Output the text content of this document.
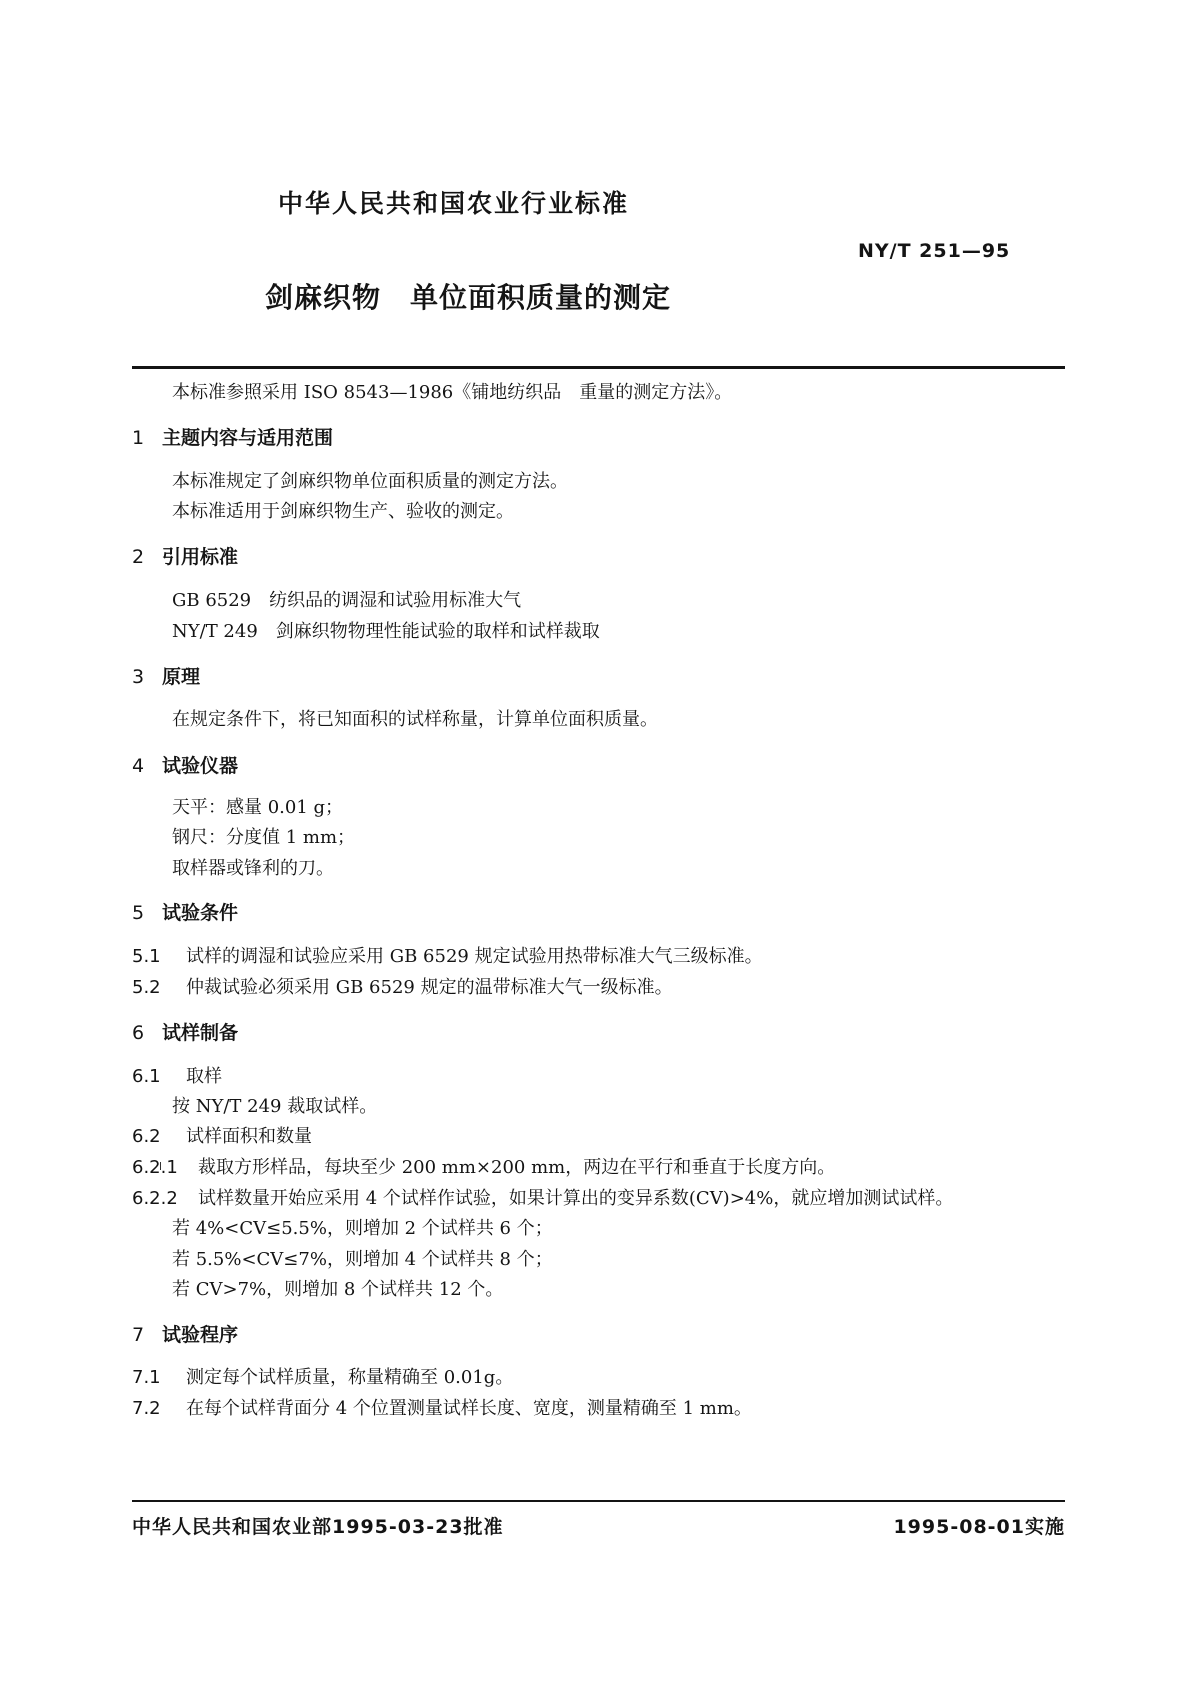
中华人民共和国农业行业标准
NY/T 251—95
剑麻织物　单位面积质量的测定
本标准参照采用 ISO 8543—1986《铺地纺织品　重量的测定方法》。
1 主题内容与适用范围
本标准规定了剑麻织物单位面积质量的测定方法。
本标准适用于剑麻织物生产、验收的测定。
2 引用标准
GB 6529　纺织品的调湿和试验用标准大气
NY/T 249　剑麻织物物理性能试验的取样和试样裁取
3 原理
在规定条件下，将已知面积的试样称量，计算单位面积质量。
4 试验仪器
天平：感量 0.01 g；
钢尺：分度值 1 mm；
取样器或锋利的刀。
5 试验条件
5.1 试样的调湿和试验应采用 GB 6529 规定试验用热带标准大气三级标准。
5.2 仲裁试验必须采用 GB 6529 规定的温带标准大气一级标准。
6 试样制备
6.1 取样
按 NY/T 249 裁取试样。
6.2 试样面积和数量
6.2.1 裁取方形样品，每块至少 200 mm×200 mm，两边在平行和垂直于长度方向。
6.2.2 试样数量开始应采用 4 个试样作试验，如果计算出的变异系数(CV)>4%，就应增加测试试样。
若 4%<CV≤5.5%，则增加 2 个试样共 6 个；
若 5.5%<CV≤7%，则增加 4 个试样共 8 个；
若 CV>7%，则增加 8 个试样共 12 个。
7 试验程序
7.1 测定每个试样质量，称量精确至 0.01g。
7.2 在每个试样背面分 4 个位置测量试样长度、宽度，测量精确至 1 mm。
中华人民共和国农业部1995-03-23批准	1995-08-01实施
